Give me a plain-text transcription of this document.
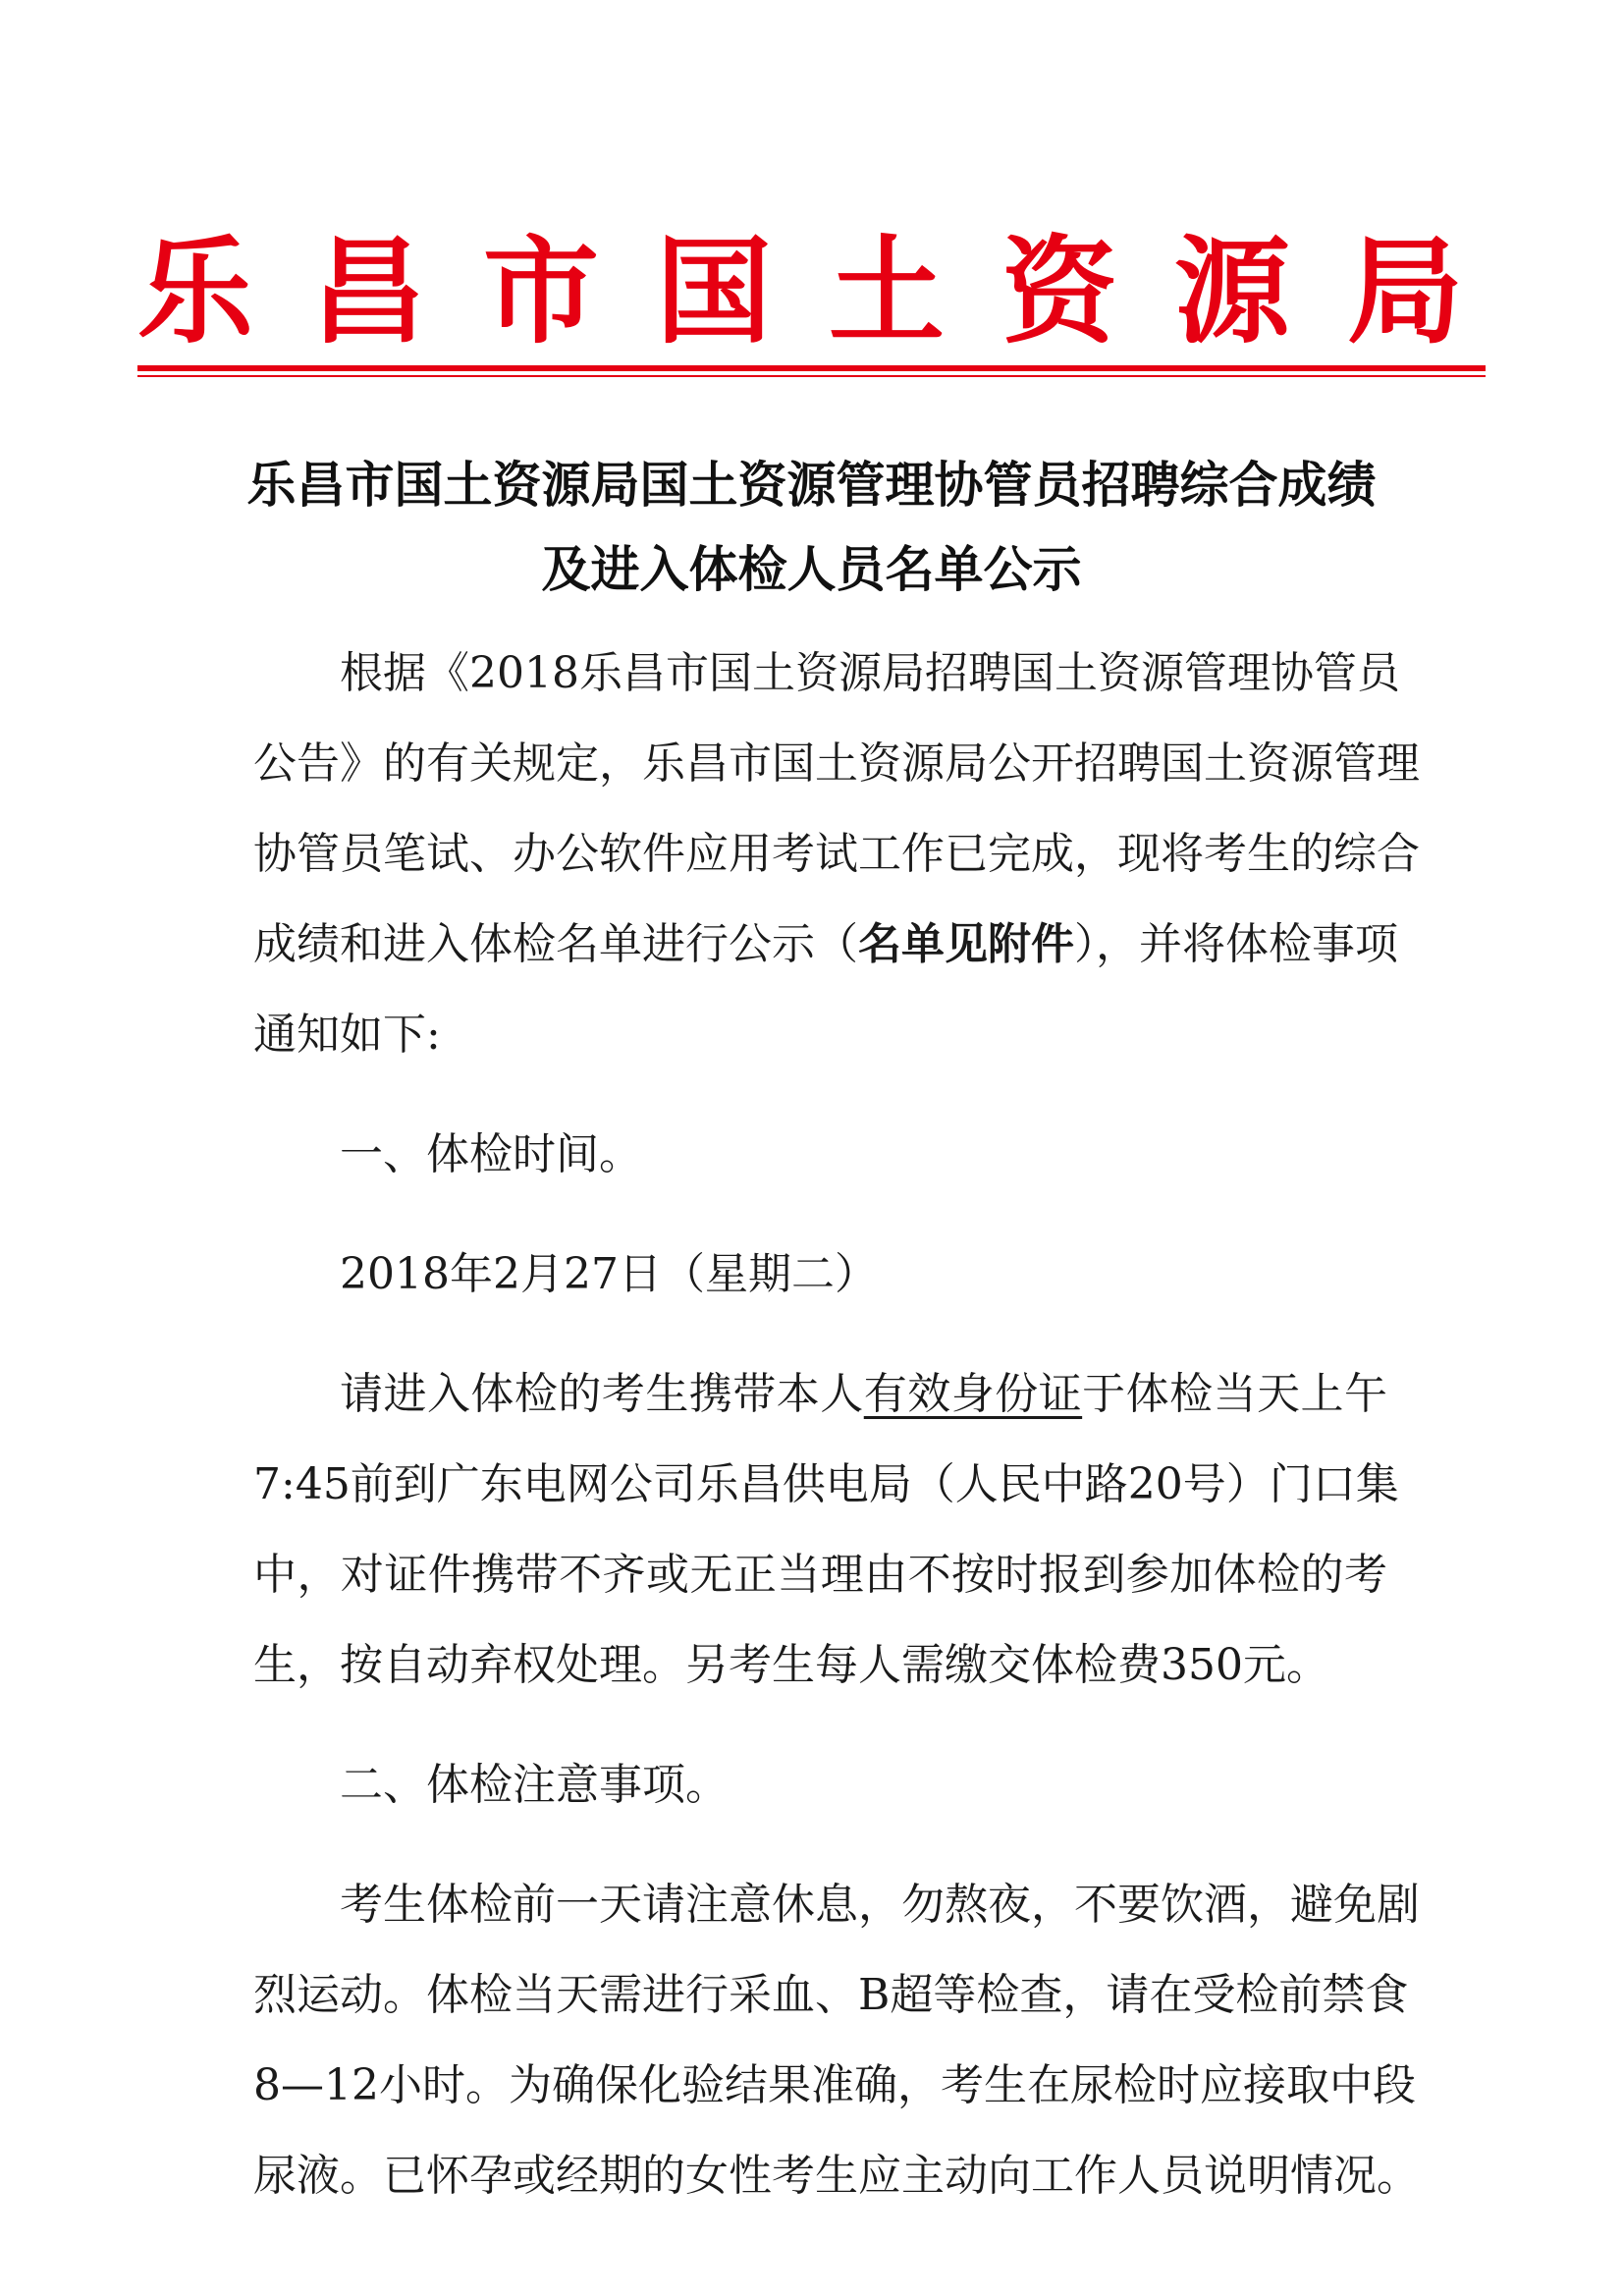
乐昌市国土资源局
乐昌市国土资源局国土资源管理协管员招聘综合成绩
及进入体检人员名单公示
根据《2018乐昌市国土资源局招聘国土资源管理协管员
公告》的有关规定，乐昌市国土资源局公开招聘国土资源管理
协管员笔试、办公软件应用考试工作已完成，现将考生的综合
成绩和进入体检名单进行公示（名单见附件），并将体检事项
通知如下:
一、体检时间。
2018年2月27日（星期二）
请进入体检的考生携带本人有效身份证于体检当天上午
7:45前到广东电网公司乐昌供电局（人民中路20号）门口集
中，对证件携带不齐或无正当理由不按时报到参加体检的考
生，按自动弃权处理。另考生每人需缴交体检费350元。
二、体检注意事项。
考生体检前一天请注意休息，勿熬夜，不要饮酒，避免剧
烈运动。体检当天需进行采血、B超等检查，请在受检前禁食
8—12小时。为确保化验结果准确，考生在尿检时应接取中段
尿液。已怀孕或经期的女性考生应主动向工作人员说明情况。
